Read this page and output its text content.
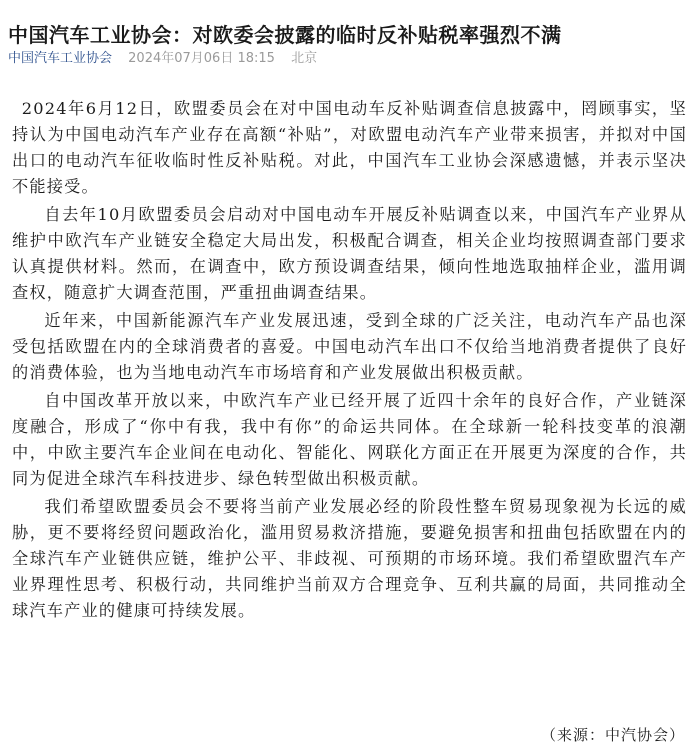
中国汽车工业协会：对欧委会披露的临时反补贴税率强烈不满
中国汽车工业协会 2024年07月06日 18:15 北京

2024年6月12日，欧盟委员会在对中国电动车反补贴调查信息披露中，罔顾事实，坚持认为中国电动汽车产业存在高额“补贴”，对欧盟电动汽车产业带来损害，并拟对中国出口的电动汽车征收临时性反补贴税。对此，中国汽车工业协会深感遗憾，并表示坚决不能接受。

自去年10月欧盟委员会启动对中国电动车开展反补贴调查以来，中国汽车产业界从维护中欧汽车产业链安全稳定大局出发，积极配合调查，相关企业均按照调查部门要求认真提供材料。然而，在调查中，欧方预设调查结果，倾向性地选取抽样企业，滥用调查权，随意扩大调查范围，严重扭曲调查结果。

近年来，中国新能源汽车产业发展迅速，受到全球的广泛关注，电动汽车产品也深受包括欧盟在内的全球消费者的喜爱。中国电动汽车出口不仅给当地消费者提供了良好的消费体验，也为当地电动汽车市场培育和产业发展做出积极贡献。

自中国改革开放以来，中欧汽车产业已经开展了近四十余年的良好合作，产业链深度融合，形成了“你中有我，我中有你”的命运共同体。在全球新一轮科技变革的浪潮中，中欧主要汽车企业间在电动化、智能化、网联化方面正在开展更为深度的合作，共同为促进全球汽车科技进步、绿色转型做出积极贡献。

我们希望欧盟委员会不要将当前产业发展必经的阶段性整车贸易现象视为长远的威胁，更不要将经贸问题政治化，滥用贸易救济措施，要避免损害和扭曲包括欧盟在内的全球汽车产业链供应链，维护公平、非歧视、可预期的市场环境。我们希望欧盟汽车产业界理性思考、积极行动，共同维护当前双方合理竞争、互利共赢的局面，共同推动全球汽车产业的健康可持续发展。

（来源：中汽协会）
